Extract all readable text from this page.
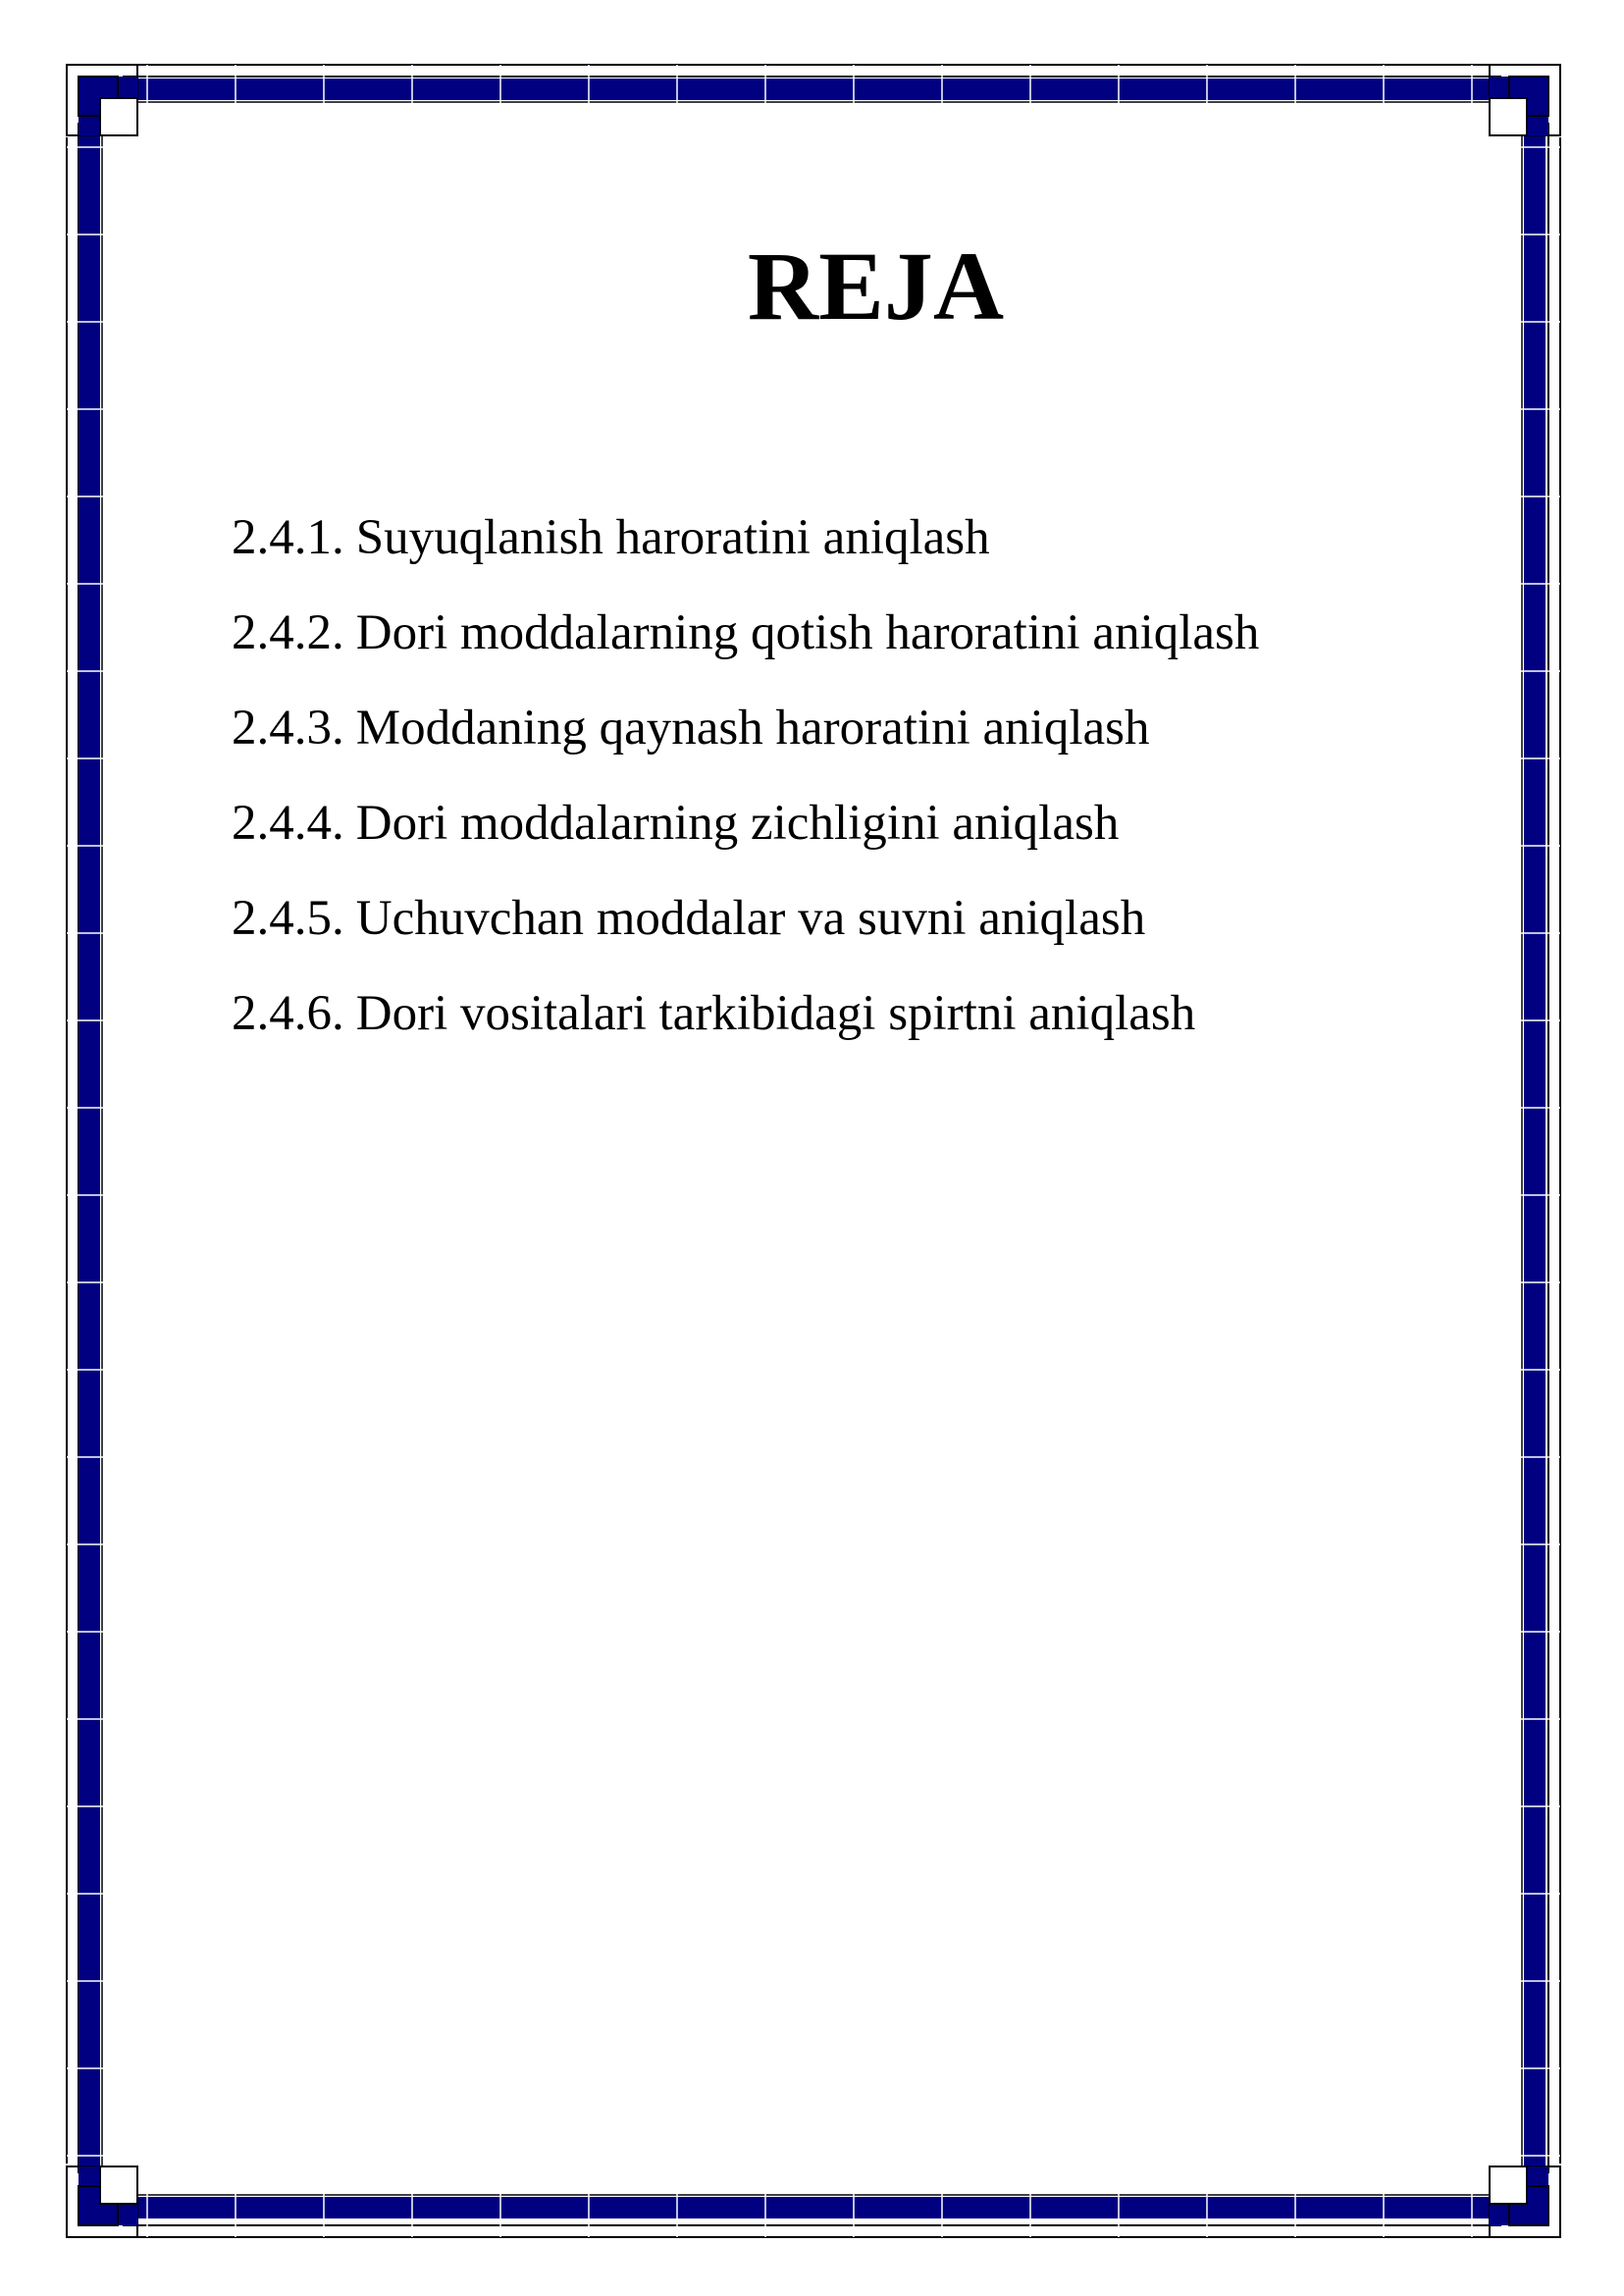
REJA
2.4.1. Suyuqlanish haroratini aniqlash
2.4.2. Dori moddalarning qotish haroratini aniqlash
2.4.3. Moddaning qaynash haroratini aniqlash
2.4.4. Dori moddalarning zichligini aniqlash
2.4.5. Uchuvchan moddalar va suvni aniqlash
2.4.6. Dori vositalari tarkibidagi spirtni aniqlash
